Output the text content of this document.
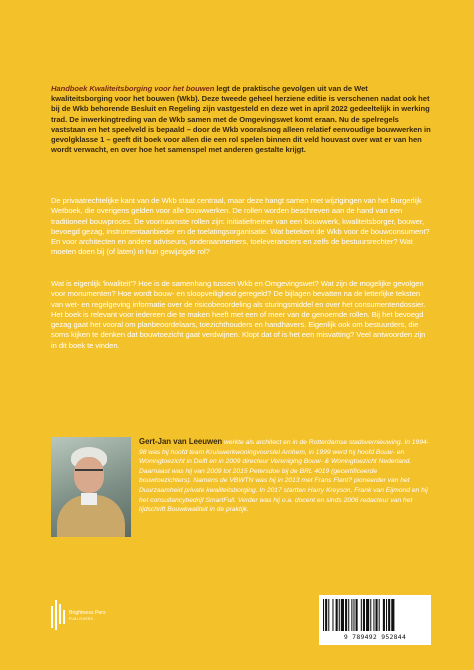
Handboek Kwaliteitsborging voor het bouwen legt de praktische gevolgen uit van de Wet kwaliteitsborging voor het bouwen (Wkb). Deze tweede geheel herziene editie is verschenen nadat ook het bij de Wkb behorende Besluit en Regeling zijn vastgesteld en deze wet in april 2022 gedeeltelijk in werking trad. De inwerkingtreding van de Wkb samen met de Omgevingswet komt eraan. Nu de spelregels vaststaan en het speelveld is bepaald – door de Wkb vooralsnog alleen relatief eenvoudige bouwwerken in gevolgklasse 1 – geeft dit boek voor allen die een rol spelen binnen dit veld houvast over wat er van hen wordt verwacht, en over hoe het samenspel met anderen gestalte krijgt.
De privaatrechtelijke kant van de Wkb staat centraal, maar deze hangt samen met wijzigingen van het Burgerlijk Wetboek, die overigens gelden voor alle bouwwerken. De rollen worden beschreven aan de hand van een traditioneel bouwproces. De voornaamste rollen zijn: initiatiefnemer van een bouwwerk, kwaliteitsborger, bouwer, bevoegd gezag, instrumentaanbieder en de toelatingsorganisatie. Wat betekent de Wkb voor de bouwconsument? En voor architecten en andere adviseurs, onderaannemers, toeleveranciers en zelfs de bestuursrechter? Wat moeten doen bij (of laten) in hun gewijzigde rol?
Wat is eigenlijk 'kwaliteit'? Hoe is de samenhang tussen Wkb en Omgevingswet? Wat zijn de mogelijke gevolgen voor monumenten? Hoe wordt bouw- en sloopveiligheid geregeld? De bijlagen bevatten na de letterlijke teksten van wet- en regelgeving informatie over de risicobeoordeling als sturingsmiddel en over het consumentendossier. Het boek is relevant voor iedereen die te maken heeft met een of meer van de genoemde rollen. Bij het bevoegd gezag gaat het vooral om planbeoordelaars, toezichthouders en handhavers. Eigenlijk ook om bestuurders, die soms kijken te denken dat bouwtoezicht gaat verdwijnen. Klopt dat of is het een misvatting? Veel antwoorden zijn in dit boek te vinden.
Gert-Jan van Leeuwen werkte als architect en in de Rotterdamse stadsvernieuwing. In 1994-98 was hij hoofd team Kruiswerkwoningvoorstel Arnhem, in 1999 werd hij hoofd Bouw- en Woningtoezicht in Delft en in 2009 directeur Vereniging Bouw- & Woningtoezicht Nederland. Daarnaast was hij van 2009 tot 2015 Petersdoe bij de BRL 4019 (gecertificeerde bouwtoezichters). Namens de VBWTN was hij in 2013 met Frans Flant? pioneerder van het Duurzaamheid private kwaliteitsborging. In 2017 startten Harry Kreyson, Frank van Eijmond en hij het consultancybedrijf SmartFull. Verder was hij o.a. docent en sinds 2006 redacteur van het tijdschrift Bouwkwaliteit in de praktijk.
Brightness Pers
PUBLISHERS
9 789492 952844
